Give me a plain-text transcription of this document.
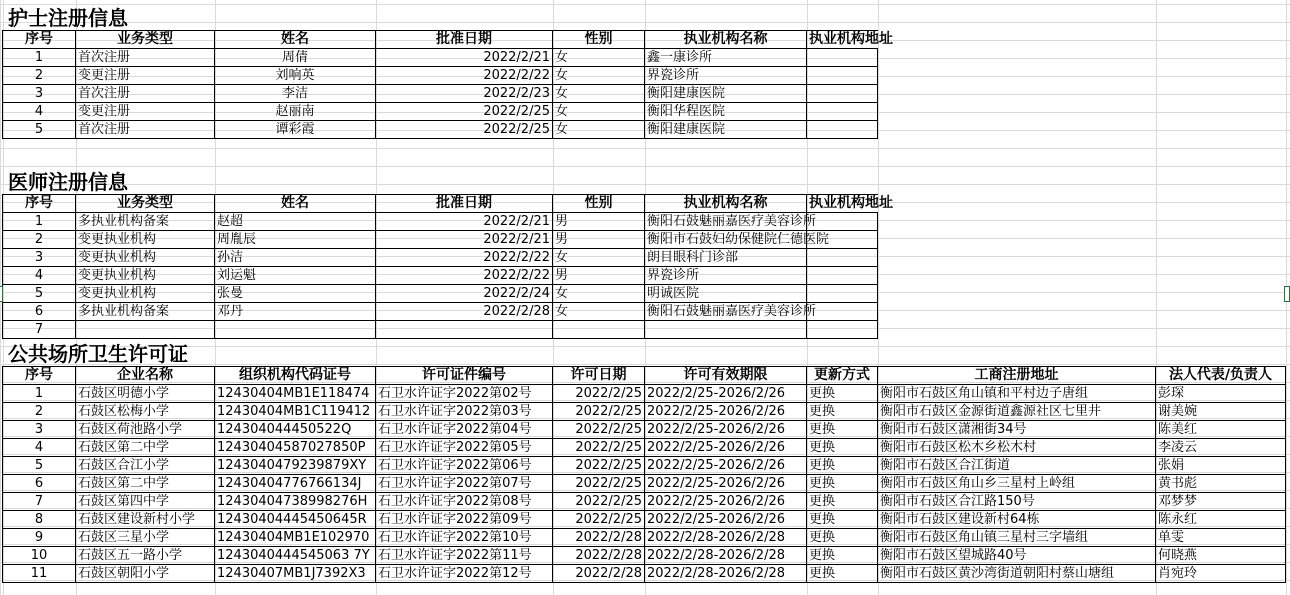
护士注册信息
序号	业务类型	姓名	批准日期	性别	执业机构名称	执业机构地址
1	首次注册	周倩	2022/2/21 女	鑫一康诊所
2	变更注册	刘响英	2022/2/22 女	界瓷诊所
3	首次注册	李洁	2022/2/23 女	衡阳建康医院
4	变更注册	赵丽南	2022/2/25 女	衡阳华程医院
5	首次注册	谭彩霞	2022/2/25 女	衡阳建康医院
医师注册信息
序号	业务类型	姓名	批准日期	性别	执业机构名称	执业机构地址
1	多执业机构备案	赵超	2022/2/21 男	衡阳石鼓魅丽嘉医疗美容诊所
2	变更执业机构	周胤辰	2022/2/21 男	衡阳市石鼓妇幼保健院仁德医院
3	变更执业机构	孙洁	2022/2/22 女	朗目眼科门诊部
4	变更执业机构	刘运魁	2022/2/22 男	界瓷诊所
5	变更执业机构	张曼	2022/2/24 女	明诚医院
6	多执业机构备案	邓丹	2022/2/28 女	衡阳石鼓魅丽嘉医疗美容诊所
7
公共场所卫生许可证
序号	企业名称	组织机构代码证号	许可证件编号	许可日期	许可有效期限	更新方式	工商注册地址	法人代表/负责人
1	石鼓区明德小学	12430404MB1E118474 石卫水许证字2022第02号	2022/2/25 2022/2/25-2026/2/26	更换	衡阳市石鼓区角山镇和平村边子唐组	彭琛
2	石鼓区松梅小学	12430404MB1C119412 石卫水许证字2022第03号	2022/2/25 2022/2/25-2026/2/26	更换	衡阳市石鼓区金源街道鑫源社区七里井	谢美婉
3	石鼓区荷池路小学	124304044450522Q	石卫水许证字2022第04号	2022/2/25 2022/2/25-2026/2/26	更换	衡阳市石鼓区潇湘街34号	陈美红
4	石鼓区第二中学	12430404587027850P 石卫水许证字2022第05号	2022/2/25 2022/2/25-2026/2/26	更换	衡阳市石鼓区松木乡松木村	李凌云
5	石鼓区合江小学	1243040479239879XY 石卫水许证字2022第06号	2022/2/25 2022/2/25-2026/2/26	更换	衡阳市石鼓区合江街道	张娟
6	石鼓区第二中学	12430404776766134J	石卫水许证字2022第07号	2022/2/25 2022/2/25-2026/2/26	更换	衡阳市石鼓区角山乡三星村上岭组	黄书彪
7	石鼓区第四中学	12430404738998276H 石卫水许证字2022第08号	2022/2/25 2022/2/25-2026/2/26	更换	衡阳市石鼓区合江路150号	邓梦梦
8	石鼓区建设新村小学	12430404445450645R 石卫水许证字2022第09号	2022/2/25 2022/2/25-2026/2/26	更换	衡阳市石鼓区建设新村64栋	陈永红
9	石鼓区三星小学	12430404MB1E102970 石卫水许证字2022第10号	2022/2/28 2022/2/28-2026/2/28	更换	衡阳市石鼓区角山镇三星村三字墙组	单雯
10	石鼓区五一路小学	1243040444545063 7Y 石卫水许证字2022第11号	2022/2/28 2022/2/28-2026/2/28	更换	衡阳市石鼓区望城路40号	何晓燕
11	石鼓区朝阳小学	12430407MB1J7392X3 石卫水许证字2022第12号	2022/2/28 2022/2/28-2026/2/28	更换	衡阳市石鼓区黄沙湾街道朝阳村蔡山塘组	肖宛玲
